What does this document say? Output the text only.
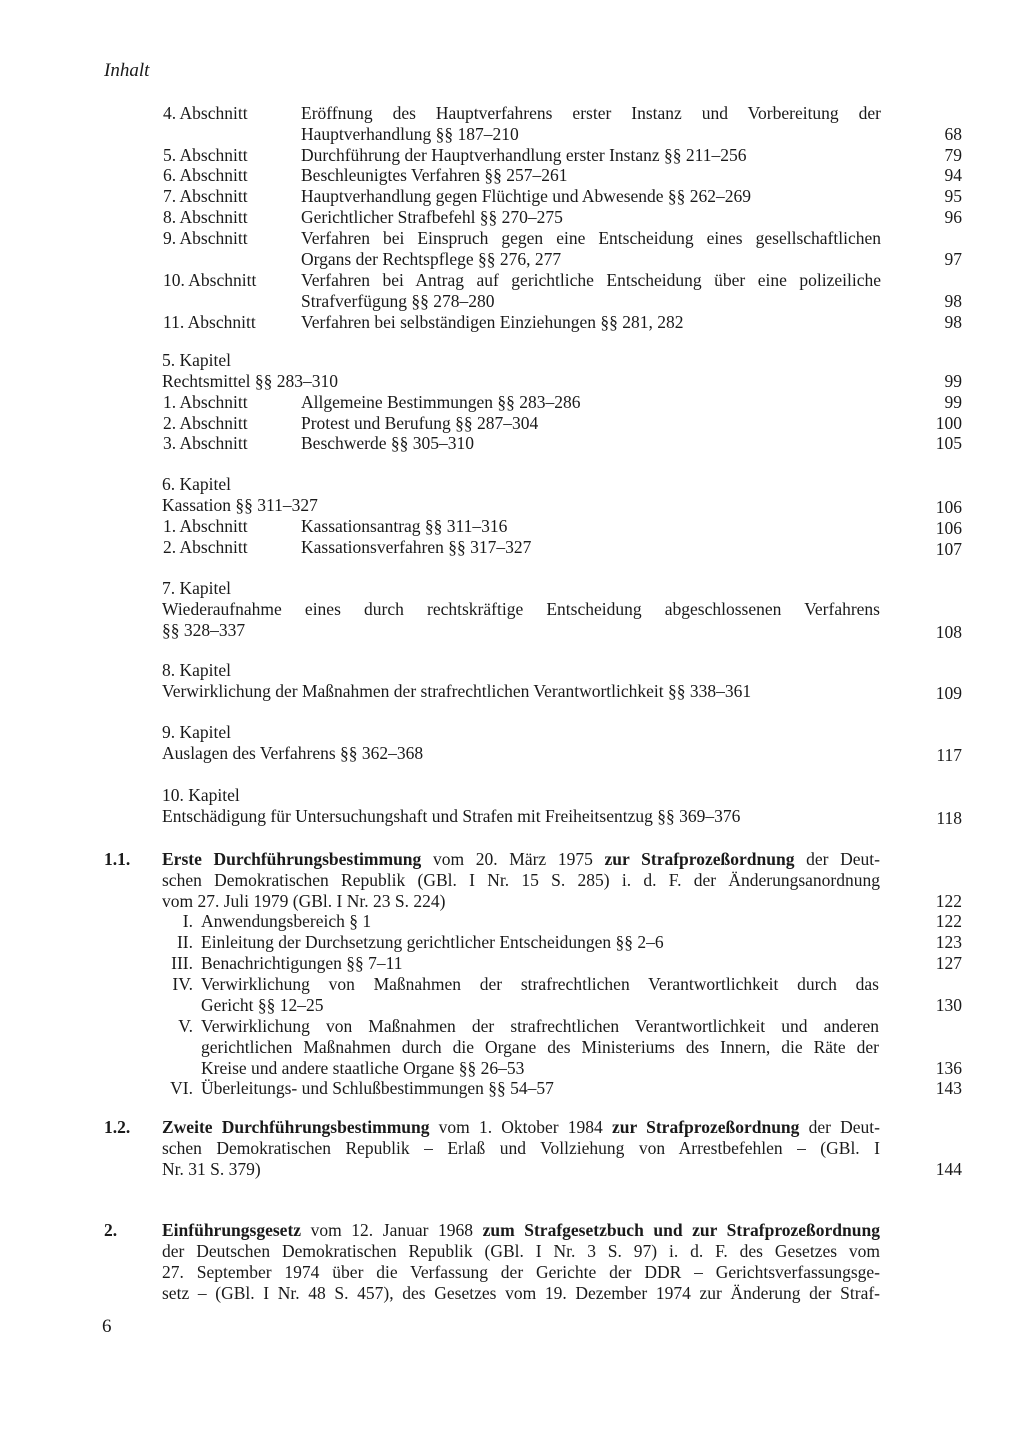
Inhalt
4. Abschnitt	Eröffnung des Hauptverfahrens erster Instanz und Vorbereitung der
Hauptverhandlung §§ 187–210	68
5. Abschnitt	Durchführung der Hauptverhandlung erster Instanz §§ 211–256	79
6. Abschnitt	Beschleunigtes Verfahren §§ 257–261	94
7. Abschnitt	Hauptverhandlung gegen Flüchtige und Abwesende §§ 262–269	95
8. Abschnitt	Gerichtlicher Strafbefehl §§ 270–275	96
9. Abschnitt	Verfahren bei Einspruch gegen eine Entscheidung eines gesellschaftlichen
Organs der Rechtspflege §§ 276, 277	97
10. Abschnitt	Verfahren bei Antrag auf gerichtliche Entscheidung über eine polizeiliche
Strafverfügung §§ 278–280	98
11. Abschnitt	Verfahren bei selbständigen Einziehungen §§ 281, 282	98
5. Kapitel
Rechtsmittel §§ 283–310	99
1. Abschnitt	Allgemeine Bestimmungen §§ 283–286	99
2. Abschnitt	Protest und Berufung §§ 287–304	100
3. Abschnitt	Beschwerde §§ 305–310	105
6. Kapitel
Kassation §§ 311–327	106
1. Abschnitt	Kassationsantrag §§ 311–316	106
2. Abschnitt	Kassationsverfahren §§ 317–327	107
7. Kapitel
Wiederaufnahme eines durch rechtskräftige Entscheidung abgeschlossenen Verfahrens
§§ 328–337	108
8. Kapitel
Verwirklichung der Maßnahmen der strafrechtlichen Verantwortlichkeit §§ 338–361	109
9. Kapitel
Auslagen des Verfahrens §§ 362–368	117
10. Kapitel
Entschädigung für Untersuchungshaft und Strafen mit Freiheitsentzug §§ 369–376	118
1.1. Erste Durchführungsbestimmung vom 20. März 1975 zur Strafprozeßordnung der Deut-
schen Demokratischen Republik (GBl. I Nr. 15 S. 285) i. d. F. der Änderungsanordnung
vom 27. Juli 1979 (GBl. I Nr. 23 S. 224)	122
I. Anwendungsbereich § 1	122
II. Einleitung der Durchsetzung gerichtlicher Entscheidungen §§ 2–6	123
III. Benachrichtigungen §§ 7–11	127
IV. Verwirklichung von Maßnahmen der strafrechtlichen Verantwortlichkeit durch das
Gericht §§ 12–25	130
V. Verwirklichung von Maßnahmen der strafrechtlichen Verantwortlichkeit und anderen
gerichtlichen Maßnahmen durch die Organe des Ministeriums des Innern, die Räte der
Kreise und andere staatliche Organe §§ 26–53	136
VI. Überleitungs- und Schlußbestimmungen §§ 54–57	143
1.2. Zweite Durchführungsbestimmung vom 1. Oktober 1984 zur Strafprozeßordnung der Deut-
schen Demokratischen Republik – Erlaß und Vollziehung von Arrestbefehlen – (GBl. I
Nr. 31 S. 379)	144
2.	Einführungsgesetz vom 12. Januar 1968 zum Strafgesetzbuch und zur Strafprozeßordnung
der Deutschen Demokratischen Republik (GBl. I Nr. 3 S. 97) i. d. F. des Gesetzes vom
27. September 1974 über die Verfassung der Gerichte der DDR – Gerichtsverfassungsge-
setz – (GBl. I Nr. 48 S. 457), des Gesetzes vom 19. Dezember 1974 zur Änderung der Straf-
6
